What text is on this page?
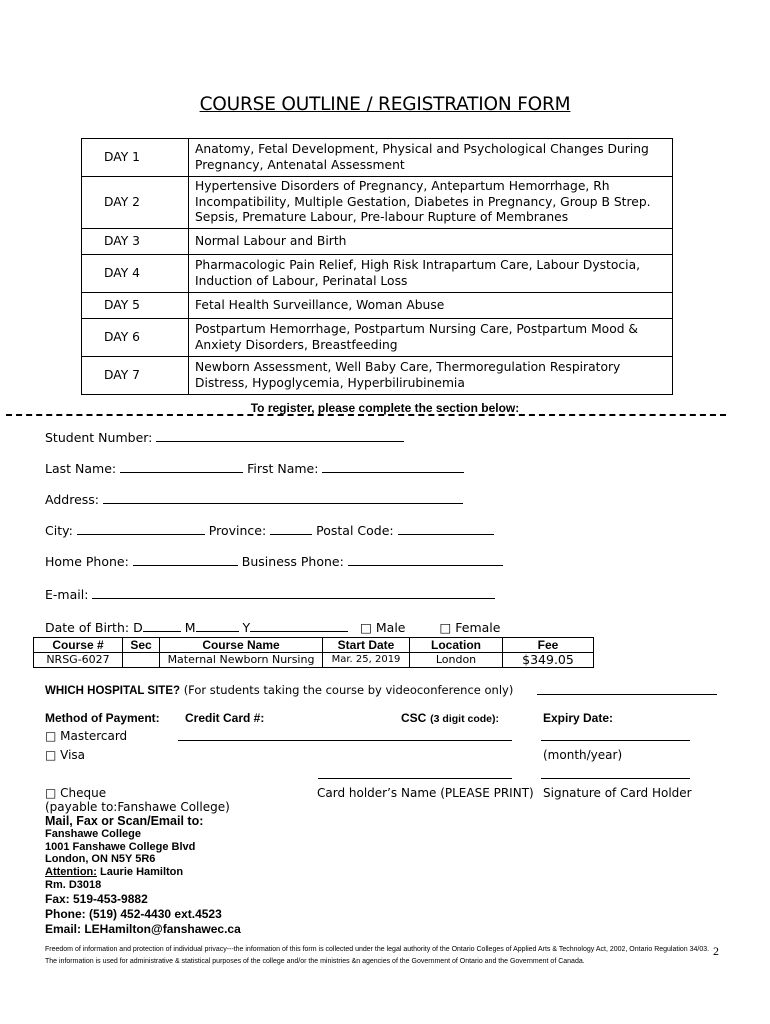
COURSE OUTLINE / REGISTRATION FORM
DAY 1	Anatomy, Fetal Development, Physical and Psychological Changes During Pregnancy, Antenatal Assessment
DAY 2	Hypertensive Disorders of Pregnancy, Antepartum Hemorrhage, Rh Incompatibility, Multiple Gestation, Diabetes in Pregnancy, Group B Strep. Sepsis, Premature Labour, Pre-labour Rupture of Membranes
DAY 3	Normal Labour and Birth
DAY 4	Pharmacologic Pain Relief, High Risk Intrapartum Care, Labour Dystocia, Induction of Labour, Perinatal Loss
DAY 5	Fetal Health Surveillance, Woman Abuse
DAY 6	Postpartum Hemorrhage, Postpartum Nursing Care, Postpartum Mood & Anxiety Disorders, Breastfeeding
DAY 7	Newborn Assessment, Well Baby Care, Thermoregulation Respiratory Distress, Hypoglycemia, Hyperbilirubinemia
To register, please complete the section below:
Student Number:
Last Name:	First Name:
Address:
City:	Province:	Postal Code:
Home Phone:	Business Phone:
E-mail:
Date of Birth: D	M	Y	□ Male	□ Female
Course #	Sec	Course Name	Start Date	Location	Fee
NRSG-6027		Maternal Newborn Nursing	Mar. 25, 2019	London	$349.05
WHICH HOSPITAL SITE? (For students taking the course by videoconference only)
Method of Payment: Credit Card #:	CSC (3 digit code):	Expiry Date:
□ Mastercard
□ Visa	(month/year)
□ Cheque	Card holder’s Name (PLEASE PRINT) Signature of Card Holder
(payable to:Fanshawe College)
Mail, Fax or Scan/Email to:
Fanshawe College
1001 Fanshawe College Blvd
London, ON N5Y 5R6
Attention: Laurie Hamilton
Rm. D3018
Fax: 519-453-9882
Phone: (519) 452-4430 ext.4523
Email: LEHamilton@fanshawec.ca
Freedom of information and protection of individual privacy---the information of this form is collected under the legal authority of the Ontario Colleges of Applied Arts & Technology Act, 2002, Ontario Regulation 34/03. The information is used for administrative & statistical purposes of the college and/or the ministries &n agencies of the Government of Ontario and the Government of Canada.
2
